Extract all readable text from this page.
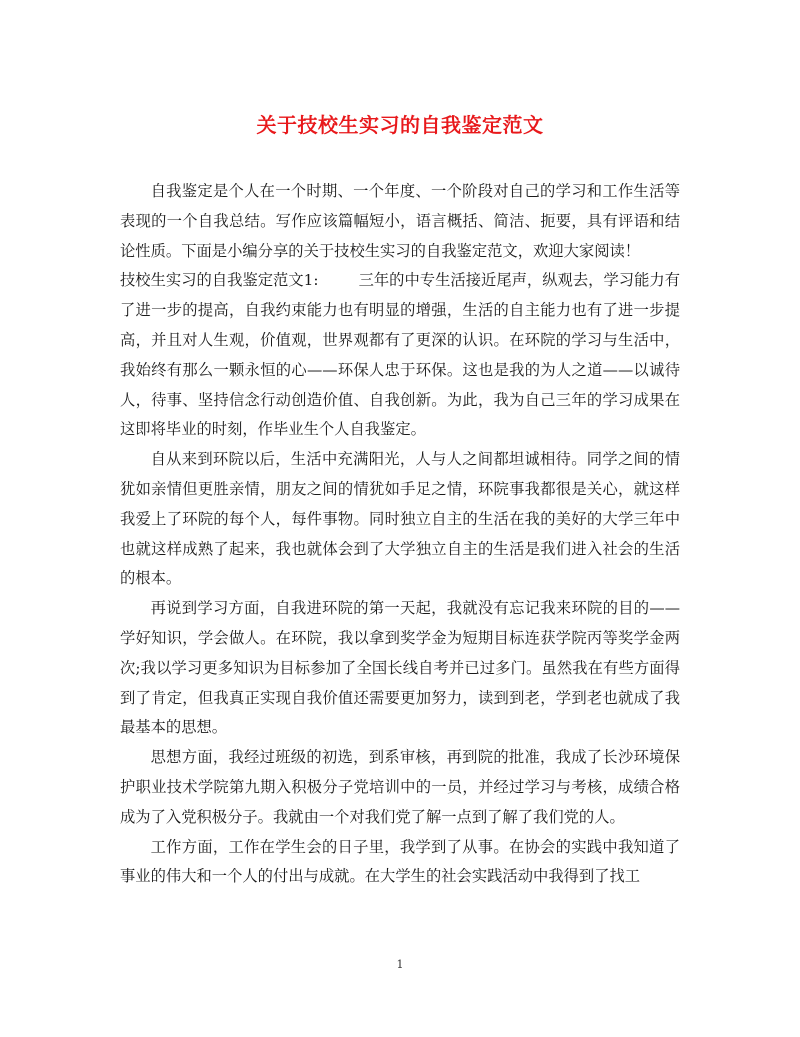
关于技校生实习的自我鉴定范文

自我鉴定是个人在一个时期、一个年度、一个阶段对自己的学习和工作生活等表现的一个自我总结。写作应该篇幅短小，语言概括、简洁、扼要，具有评语和结论性质。下面是小编分享的关于技校生实习的自我鉴定范文，欢迎大家阅读！

技校生实习的自我鉴定范文1:	三年的中专生活接近尾声，纵观去，学习能力有了进一步的提高，自我约束能力也有明显的增强，生活的自主能力也有了进一步提高，并且对人生观，价值观，世界观都有了更深的认识。在环院的学习与生活中，我始终有那么一颗永恒的心——环保人忠于环保。这也是我的为人之道——以诚待人，待事、坚持信念行动创造价值、自我创新。为此，我为自己三年的学习成果在这即将毕业的时刻，作毕业生个人自我鉴定。

自从来到环院以后，生活中充满阳光，人与人之间都坦诚相待。同学之间的情犹如亲情但更胜亲情，朋友之间的情犹如手足之情，环院事我都很是关心，就这样我爱上了环院的每个人，每件事物。同时独立自主的生活在我的美好的大学三年中也就这样成熟了起来，我也就体会到了大学独立自主的生活是我们进入社会的生活的根本。

再说到学习方面，自我进环院的第一天起，我就没有忘记我来环院的目的——学好知识，学会做人。在环院，我以拿到奖学金为短期目标连获学院丙等奖学金两次;我以学习更多知识为目标参加了全国长线自考并已过多门。虽然我在有些方面得到了肯定，但我真正实现自我价值还需要更加努力，读到到老，学到老也就成了我最基本的思想。

思想方面，我经过班级的初选，到系审核，再到院的批准，我成了长沙环境保护职业技术学院第九期入积极分子党培训中的一员，并经过学习与考核，成绩合格成为了入党积极分子。我就由一个对我们党了解一点到了解了我们党的人。

工作方面，工作在学生会的日子里，我学到了从事。在协会的实践中我知道了事业的伟大和一个人的付出与成就。在大学生的社会实践活动中我得到了找工

1
